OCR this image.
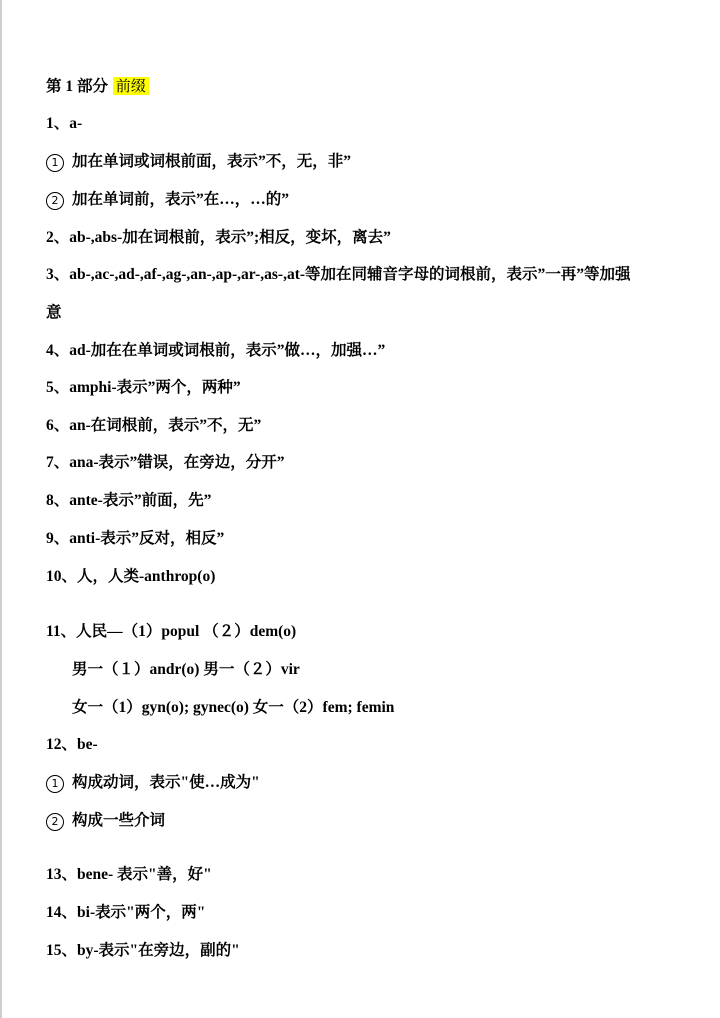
第 1 部分 前缀
1、a-
1 加在单词或词根前面，表示”不，无，非”
2 加在单词前，表示”在…，…的”
2、ab-,abs-加在词根前，表示”;相反，变坏，离去”
3、ab-,ac-,ad-,af-,ag-,an-,ap-,ar-,as-,at-等加在同辅音字母的词根前，表示”一再”等加强
意
4、ad-加在在单词或词根前，表示”做…，加强…”
5、amphi-表示”两个，两种”
6、an-在词根前，表示”不，无”
7、ana-表示”错误，在旁边，分开”
8、ante-表示”前面，先”
9、anti-表示”反对，相反”
10、人，人类-anthrop(o)
11、人民—（1）popul （２）dem(o)
男一（１）andr(o) 男一（２）vir
女一（1）gyn(o); gynec(o) 女一（2）fem; femin
12、be-
1 构成动词，表示"使…成为"
2 构成一些介词
13、bene- 表示"善，好"
14、bi-表示"两个，两"
15、by-表示"在旁边，副的"
